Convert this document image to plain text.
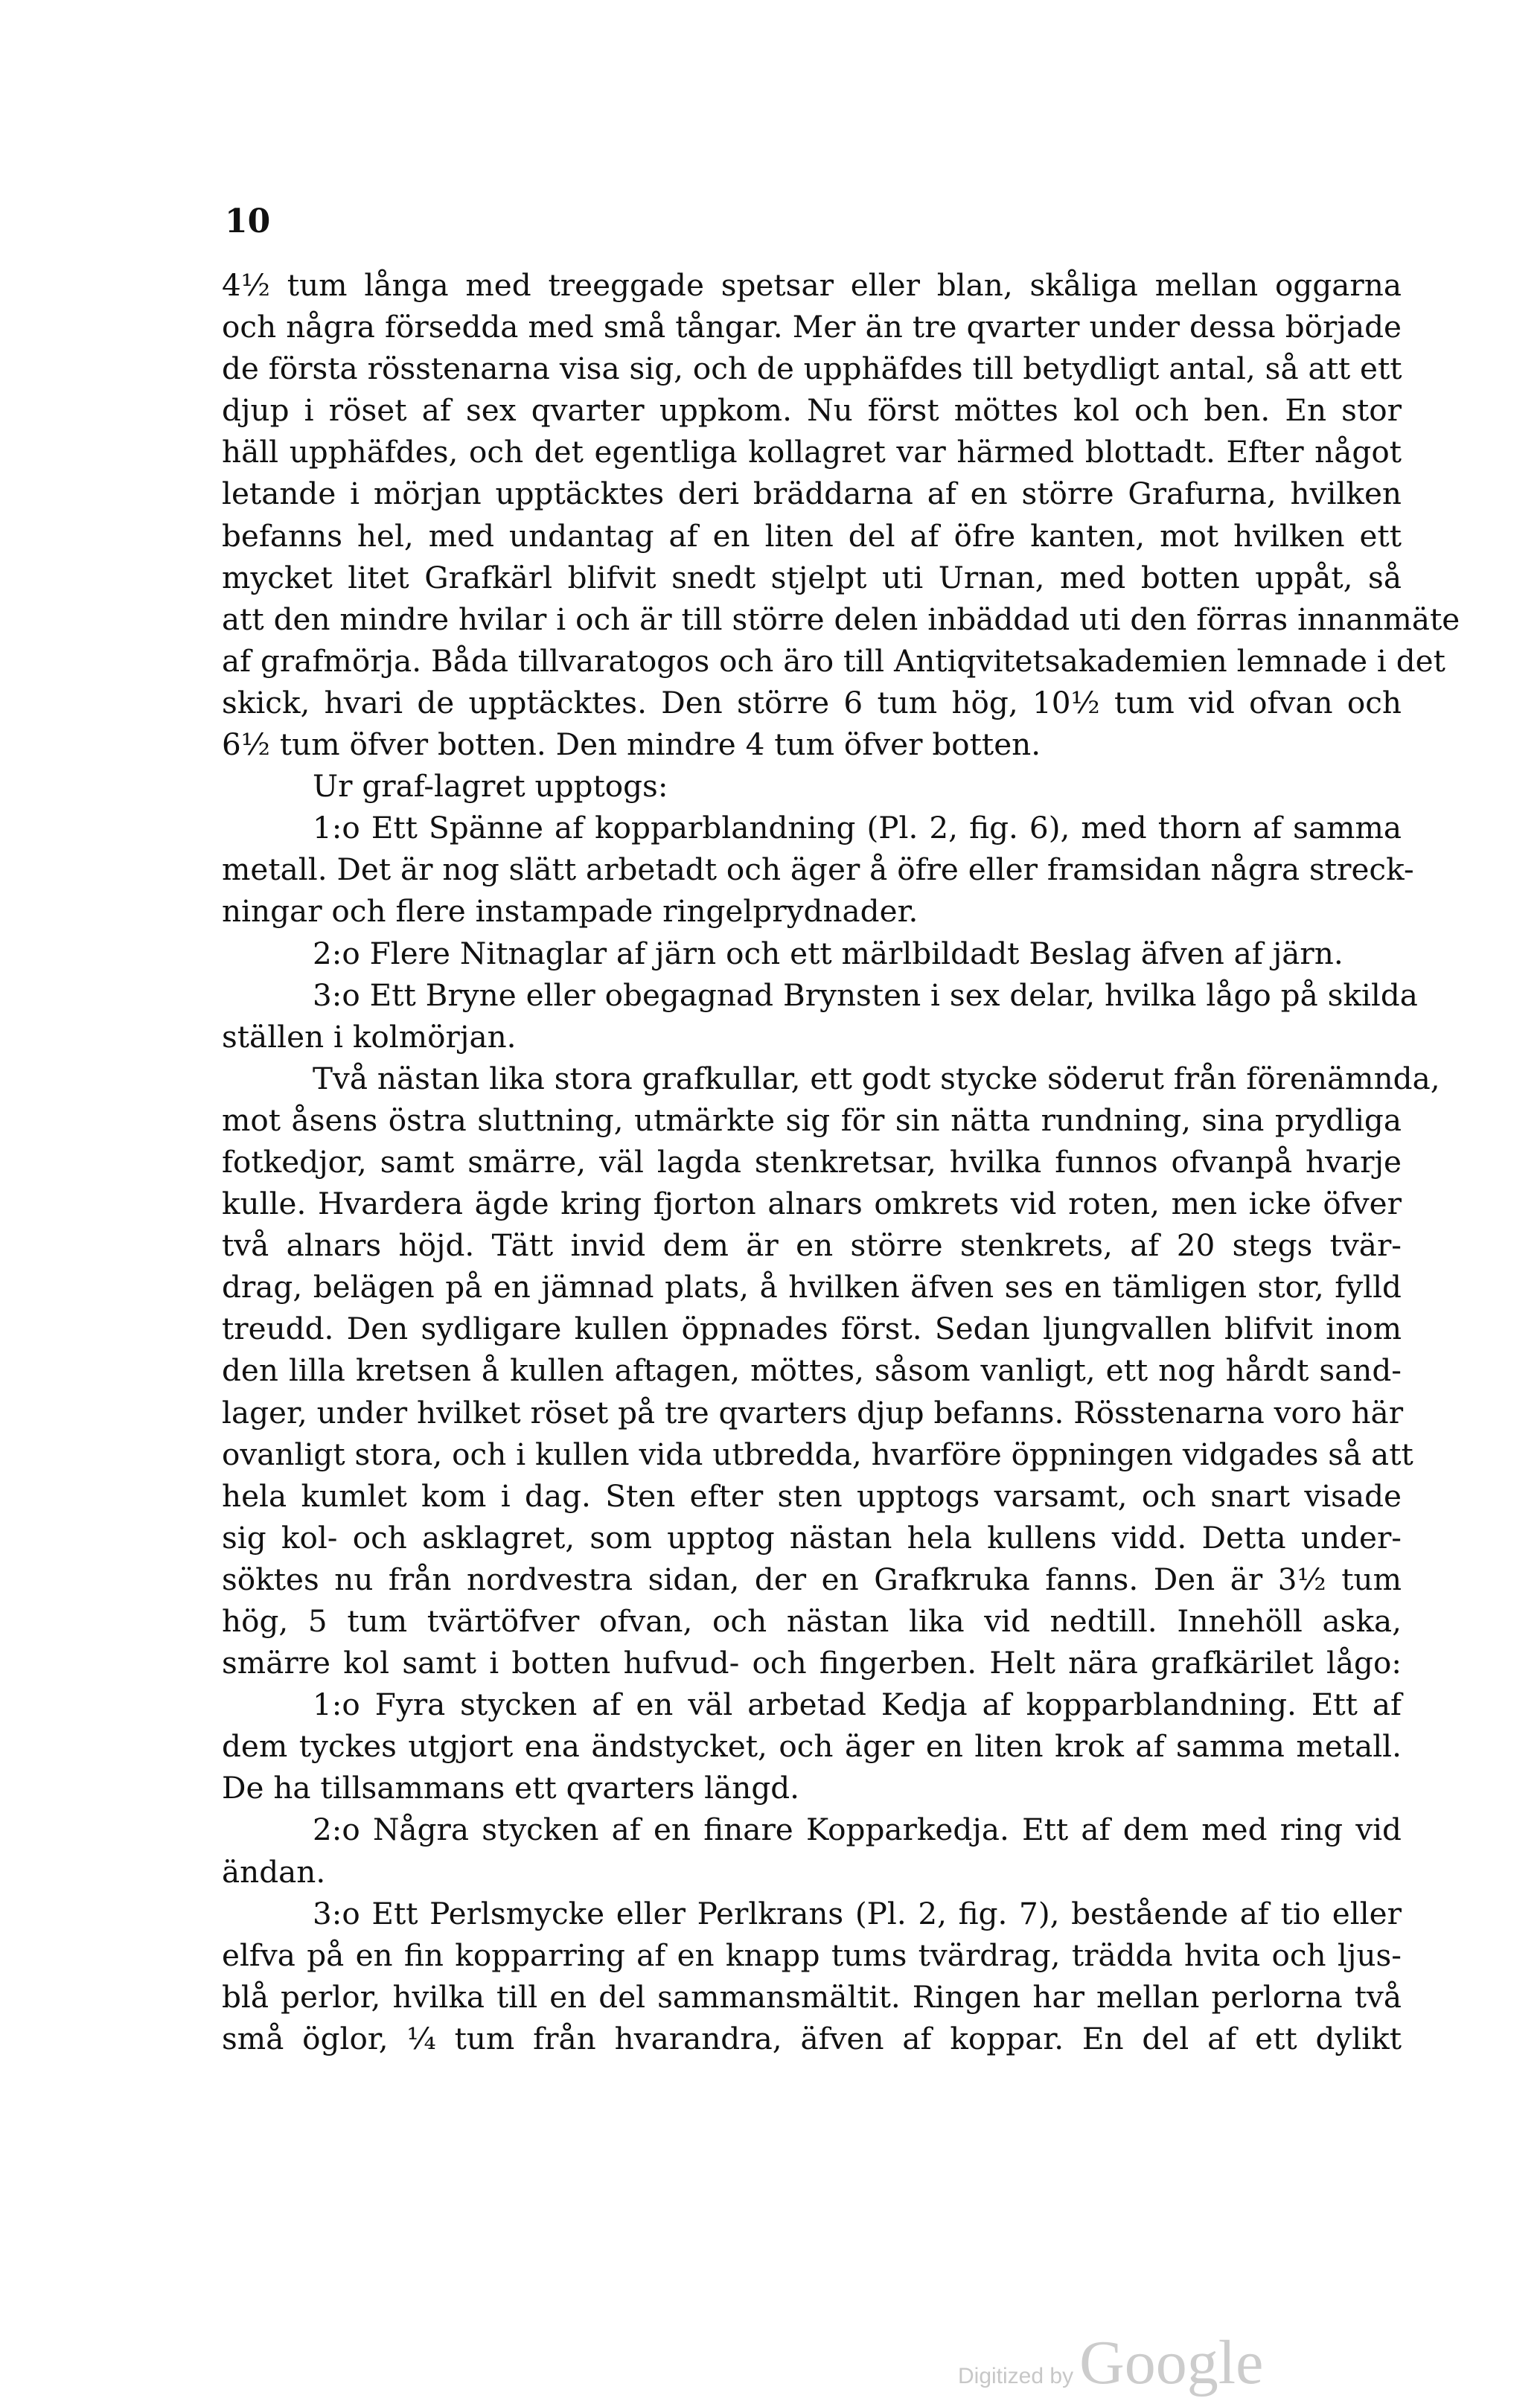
10
4½ tum långa med treeggade spetsar eller blan, skåliga mellan oggarna
och några försedda med små tångar. Mer än tre qvarter under dessa började
de första rösstenarna visa sig, och de upphäfdes till betydligt antal, så att ett
djup i röset af sex qvarter uppkom. Nu först möttes kol och ben. En stor
häll upphäfdes, och det egentliga kollagret var härmed blottadt. Efter något
letande i mörjan upptäcktes deri bräddarna af en större Grafurna, hvilken
befanns hel, med undantag af en liten del af öfre kanten, mot hvilken ett
mycket litet Grafkärl blifvit snedt stjelpt uti Urnan, med botten uppåt, så
att den mindre hvilar i och är till större delen inbäddad uti den förras innanmäte
af grafmörja. Båda tillvaratogos och äro till Antiqvitetsakademien lemnade i det
skick, hvari de upptäcktes. Den större 6 tum hög, 10½ tum vid ofvan och
6½ tum öfver botten. Den mindre 4 tum öfver botten.
Ur graf-lagret upptogs:
1:o Ett Spänne af kopparblandning (Pl. 2, fig. 6), med thorn af samma
metall. Det är nog slätt arbetadt och äger å öfre eller framsidan några streck-
ningar och flere instampade ringelprydnader.
2:o Flere Nitnaglar af järn och ett märlbildadt Beslag äfven af järn.
3:o Ett Bryne eller obegagnad Brynsten i sex delar, hvilka lågo på skilda
ställen i kolmörjan.
Två nästan lika stora grafkullar, ett godt stycke söderut från förenämnda,
mot åsens östra sluttning, utmärkte sig för sin nätta rundning, sina prydliga
fotkedjor, samt smärre, väl lagda stenkretsar, hvilka funnos ofvanpå hvarje
kulle. Hvardera ägde kring fjorton alnars omkrets vid roten, men icke öfver
två alnars höjd. Tätt invid dem är en större stenkrets, af 20 stegs tvär-
drag, belägen på en jämnad plats, å hvilken äfven ses en tämligen stor, fylld
treudd. Den sydligare kullen öppnades först. Sedan ljungvallen blifvit inom
den lilla kretsen å kullen aftagen, möttes, såsom vanligt, ett nog hårdt sand-
lager, under hvilket röset på tre qvarters djup befanns. Rösstenarna voro här
ovanligt stora, och i kullen vida utbredda, hvarföre öppningen vidgades så att
hela kumlet kom i dag. Sten efter sten upptogs varsamt, och snart visade
sig kol- och asklagret, som upptog nästan hela kullens vidd. Detta under-
söktes nu från nordvestra sidan, der en Grafkruka fanns. Den är 3½ tum
hög, 5 tum tvärtöfver ofvan, och nästan lika vid nedtill. Innehöll aska,
smärre kol samt i botten hufvud- och fingerben. Helt nära grafkärilet lågo:
1:o Fyra stycken af en väl arbetad Kedja af kopparblandning. Ett af
dem tyckes utgjort ena ändstycket, och äger en liten krok af samma metall.
De ha tillsammans ett qvarters längd.
2:o Några stycken af en finare Kopparkedja. Ett af dem med ring vid
ändan.
3:o Ett Perlsmycke eller Perlkrans (Pl. 2, fig. 7), bestående af tio eller
elfva på en fin kopparring af en knapp tums tvärdrag, trädda hvita och ljus-
blå perlor, hvilka till en del sammansmältit. Ringen har mellan perlorna två
små öglor, ¼ tum från hvarandra, äfven af koppar. En del af ett dylikt
Digitized by Google
